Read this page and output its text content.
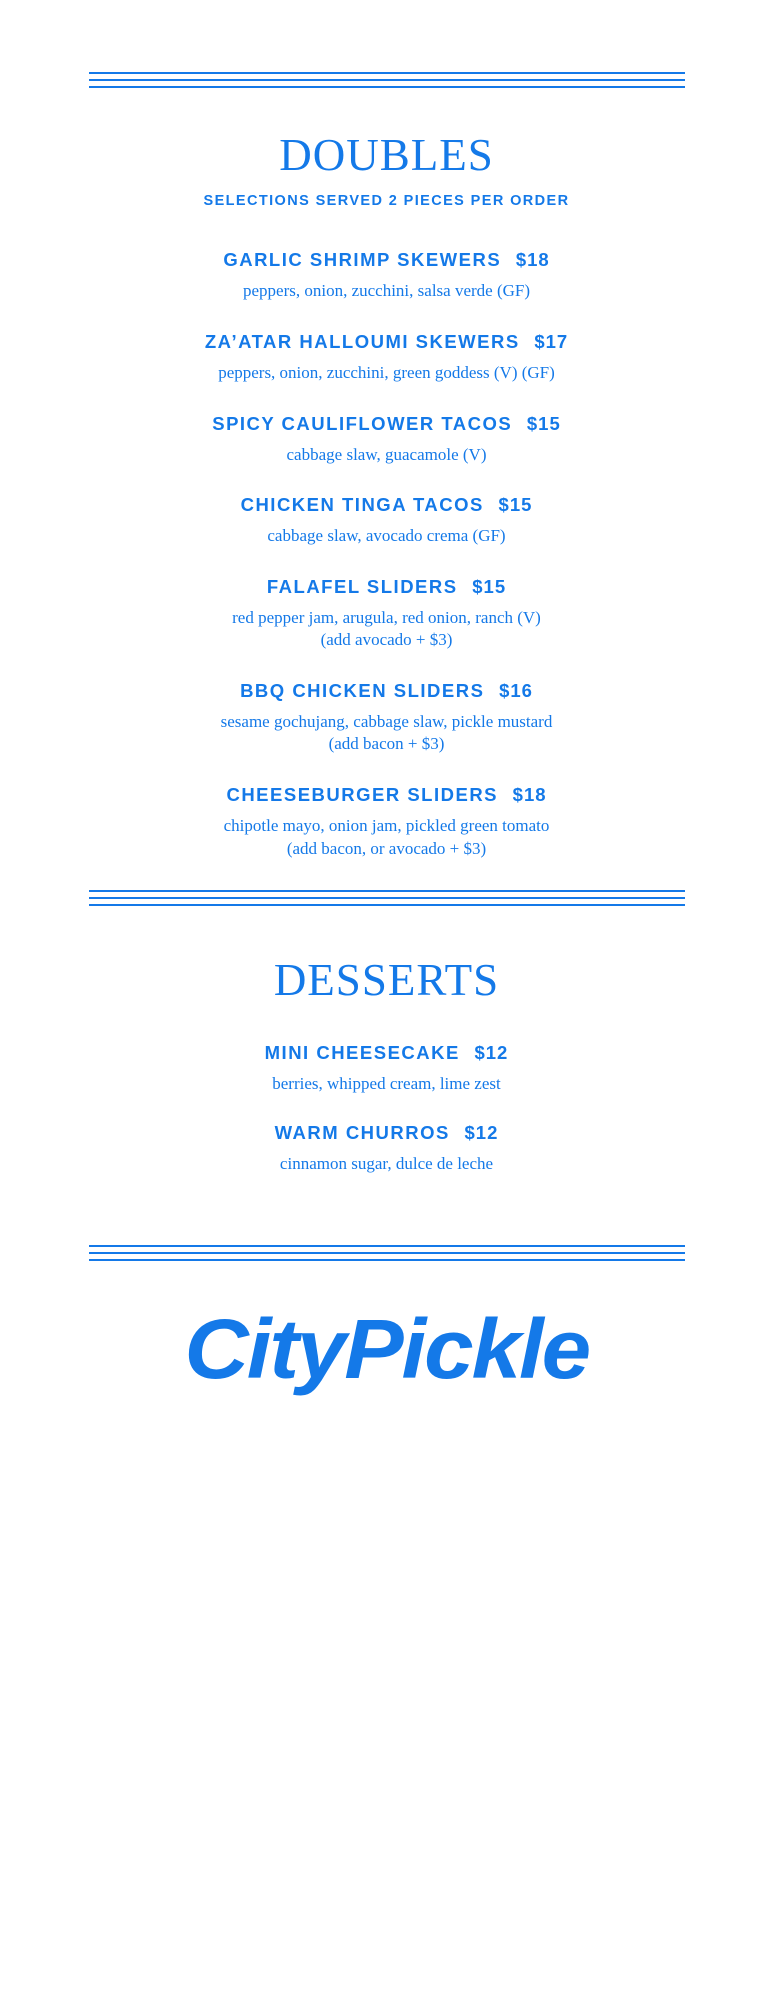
DOUBLES
SELECTIONS SERVED 2 PIECES PER ORDER
GARLIC SHRIMP SKEWERS $18
peppers, onion, zucchini, salsa verde (GF)
ZA’ATAR HALLOUMI SKEWERS $17
peppers, onion, zucchini, green goddess (V) (GF)
SPICY CAULIFLOWER TACOS $15
cabbage slaw, guacamole (V)
CHICKEN TINGA TACOS $15
cabbage slaw, avocado crema (GF)
FALAFEL SLIDERS $15
red pepper jam, arugula, red onion, ranch (V)
(add avocado + $3)
BBQ CHICKEN SLIDERS $16
sesame gochujang, cabbage slaw, pickle mustard
(add bacon + $3)
CHEESEBURGER SLIDERS $18
chipotle mayo, onion jam, pickled green tomato
(add bacon, or avocado + $3)
DESSERTS
MINI CHEESECAKE $12
berries, whipped cream, lime zest
WARM CHURROS $12
cinnamon sugar, dulce de leche
CityPickle
